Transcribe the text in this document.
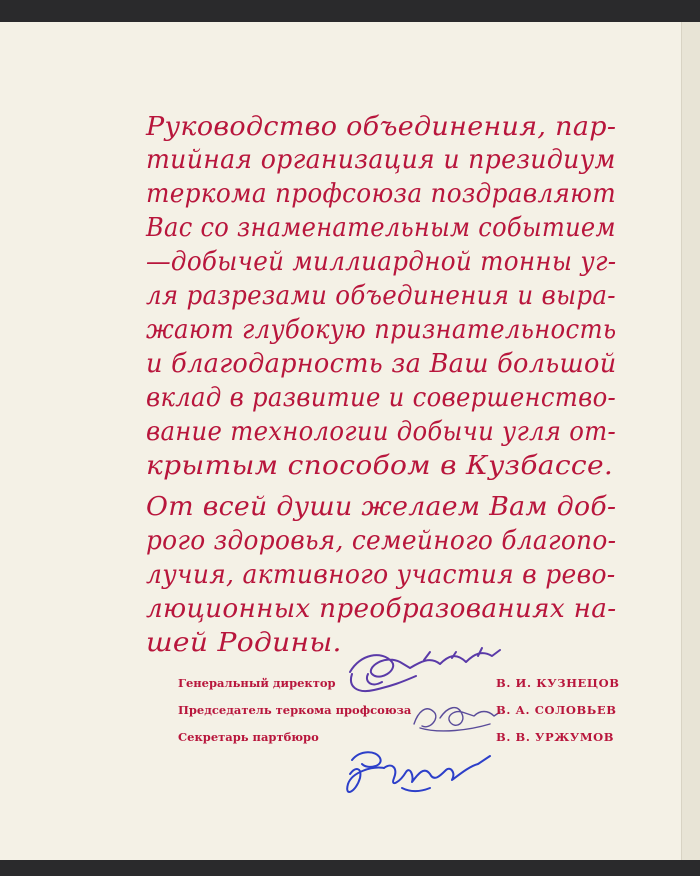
Руководство объединения, пар-
тийная организация и президиум
теркома профсоюза поздравляют
Вас со знаменательным событием
—добычей миллиардной тонны уг-
ля разрезами объединения и выра-
жают глубокую признательность
и благодарность за Ваш большой
вклад в развитие и совершенство-
вание технологии добычи угля от-
крытым способом в Кузбассе.
От всей души желаем Вам доб-
рого здоровья, семейного благопо-
лучия, активного участия в рево-
люционных преобразованиях на-
шей Родины.
Генеральный директор	В. И. КУЗНЕЦОВ
Председатель теркома профсоюза	В. А. СОЛОВЬЕВ
Секретарь партбюро	В. В. УРЖУМОВ
